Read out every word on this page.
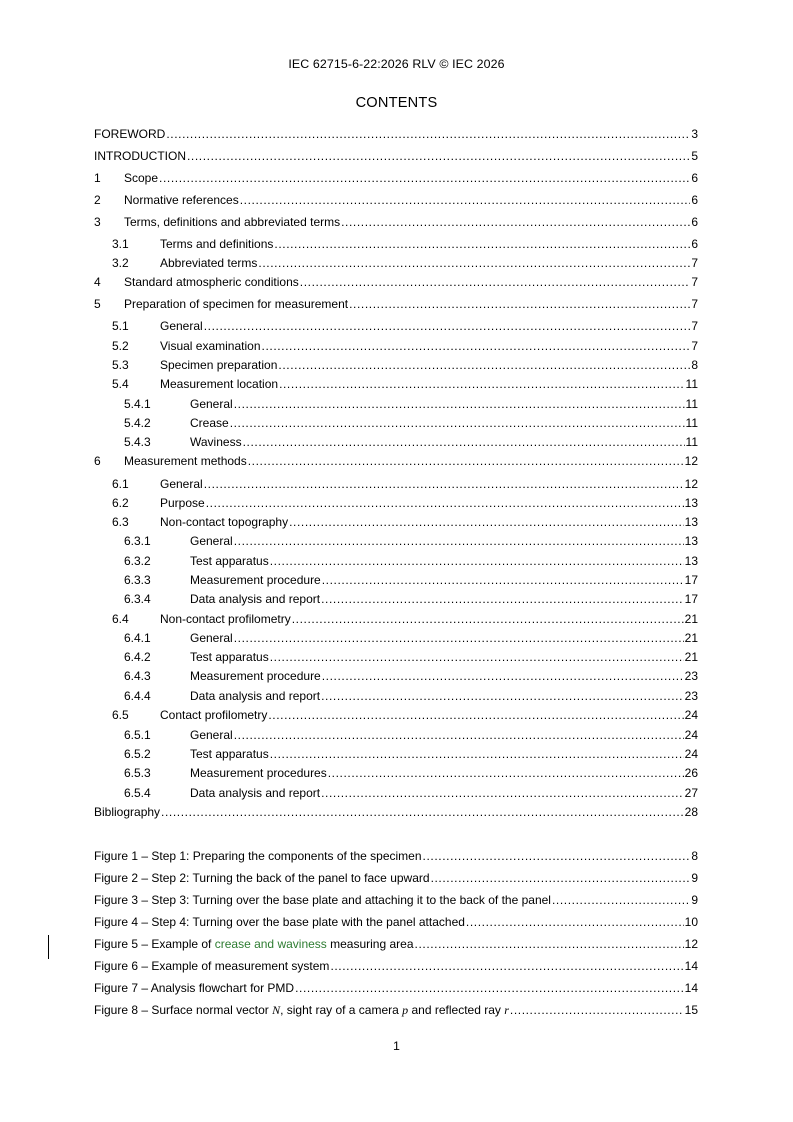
IEC 62715-6-22:2026 RLV © IEC 2026
CONTENTS
FOREWORD .....	3
INTRODUCTION .....	5
1	Scope .....	6
2	Normative references .....	6
3	Terms, definitions and abbreviated terms .....	6
3.1	Terms and definitions .....	6
3.2	Abbreviated terms .....	7
4	Standard atmospheric conditions .....	7
5	Preparation of specimen for measurement .....	7
5.1	General .....	7
5.2	Visual examination .....	7
5.3	Specimen preparation .....	8
5.4	Measurement location .....	11
5.4.1	General .....	11
5.4.2	Crease .....	11
5.4.3	Waviness .....	11
6	Measurement methods .....	12
6.1	General .....	12
6.2	Purpose .....	13
6.3	Non-contact topography .....	13
6.3.1	General .....	13
6.3.2	Test apparatus .....	13
6.3.3	Measurement procedure .....	17
6.3.4	Data analysis and report .....	17
6.4	Non-contact profilometry .....	21
6.4.1	General .....	21
6.4.2	Test apparatus .....	21
6.4.3	Measurement procedure .....	23
6.4.4	Data analysis and report .....	23
6.5	Contact profilometry .....	24
6.5.1	General .....	24
6.5.2	Test apparatus .....	24
6.5.3	Measurement procedures .....	26
6.5.4	Data analysis and report .....	27
Bibliography .....	28
Figure 1 – Step 1: Preparing the components of the specimen .....	8
Figure 2 – Step 2: Turning the back of the panel to face upward .....	9
Figure 3 – Step 3: Turning over the base plate and attaching it to the back of the panel .....	9
Figure 4 – Step 4: Turning over the base plate with the panel attached .....	10
Figure 5 – Example of crease and waviness measuring area .....	12
Figure 6 – Example of measurement system .....	14
Figure 7 – Analysis flowchart for PMD .....	14
Figure 8 – Surface normal vector N, sight ray of a camera p and reflected ray r .....	15
1
